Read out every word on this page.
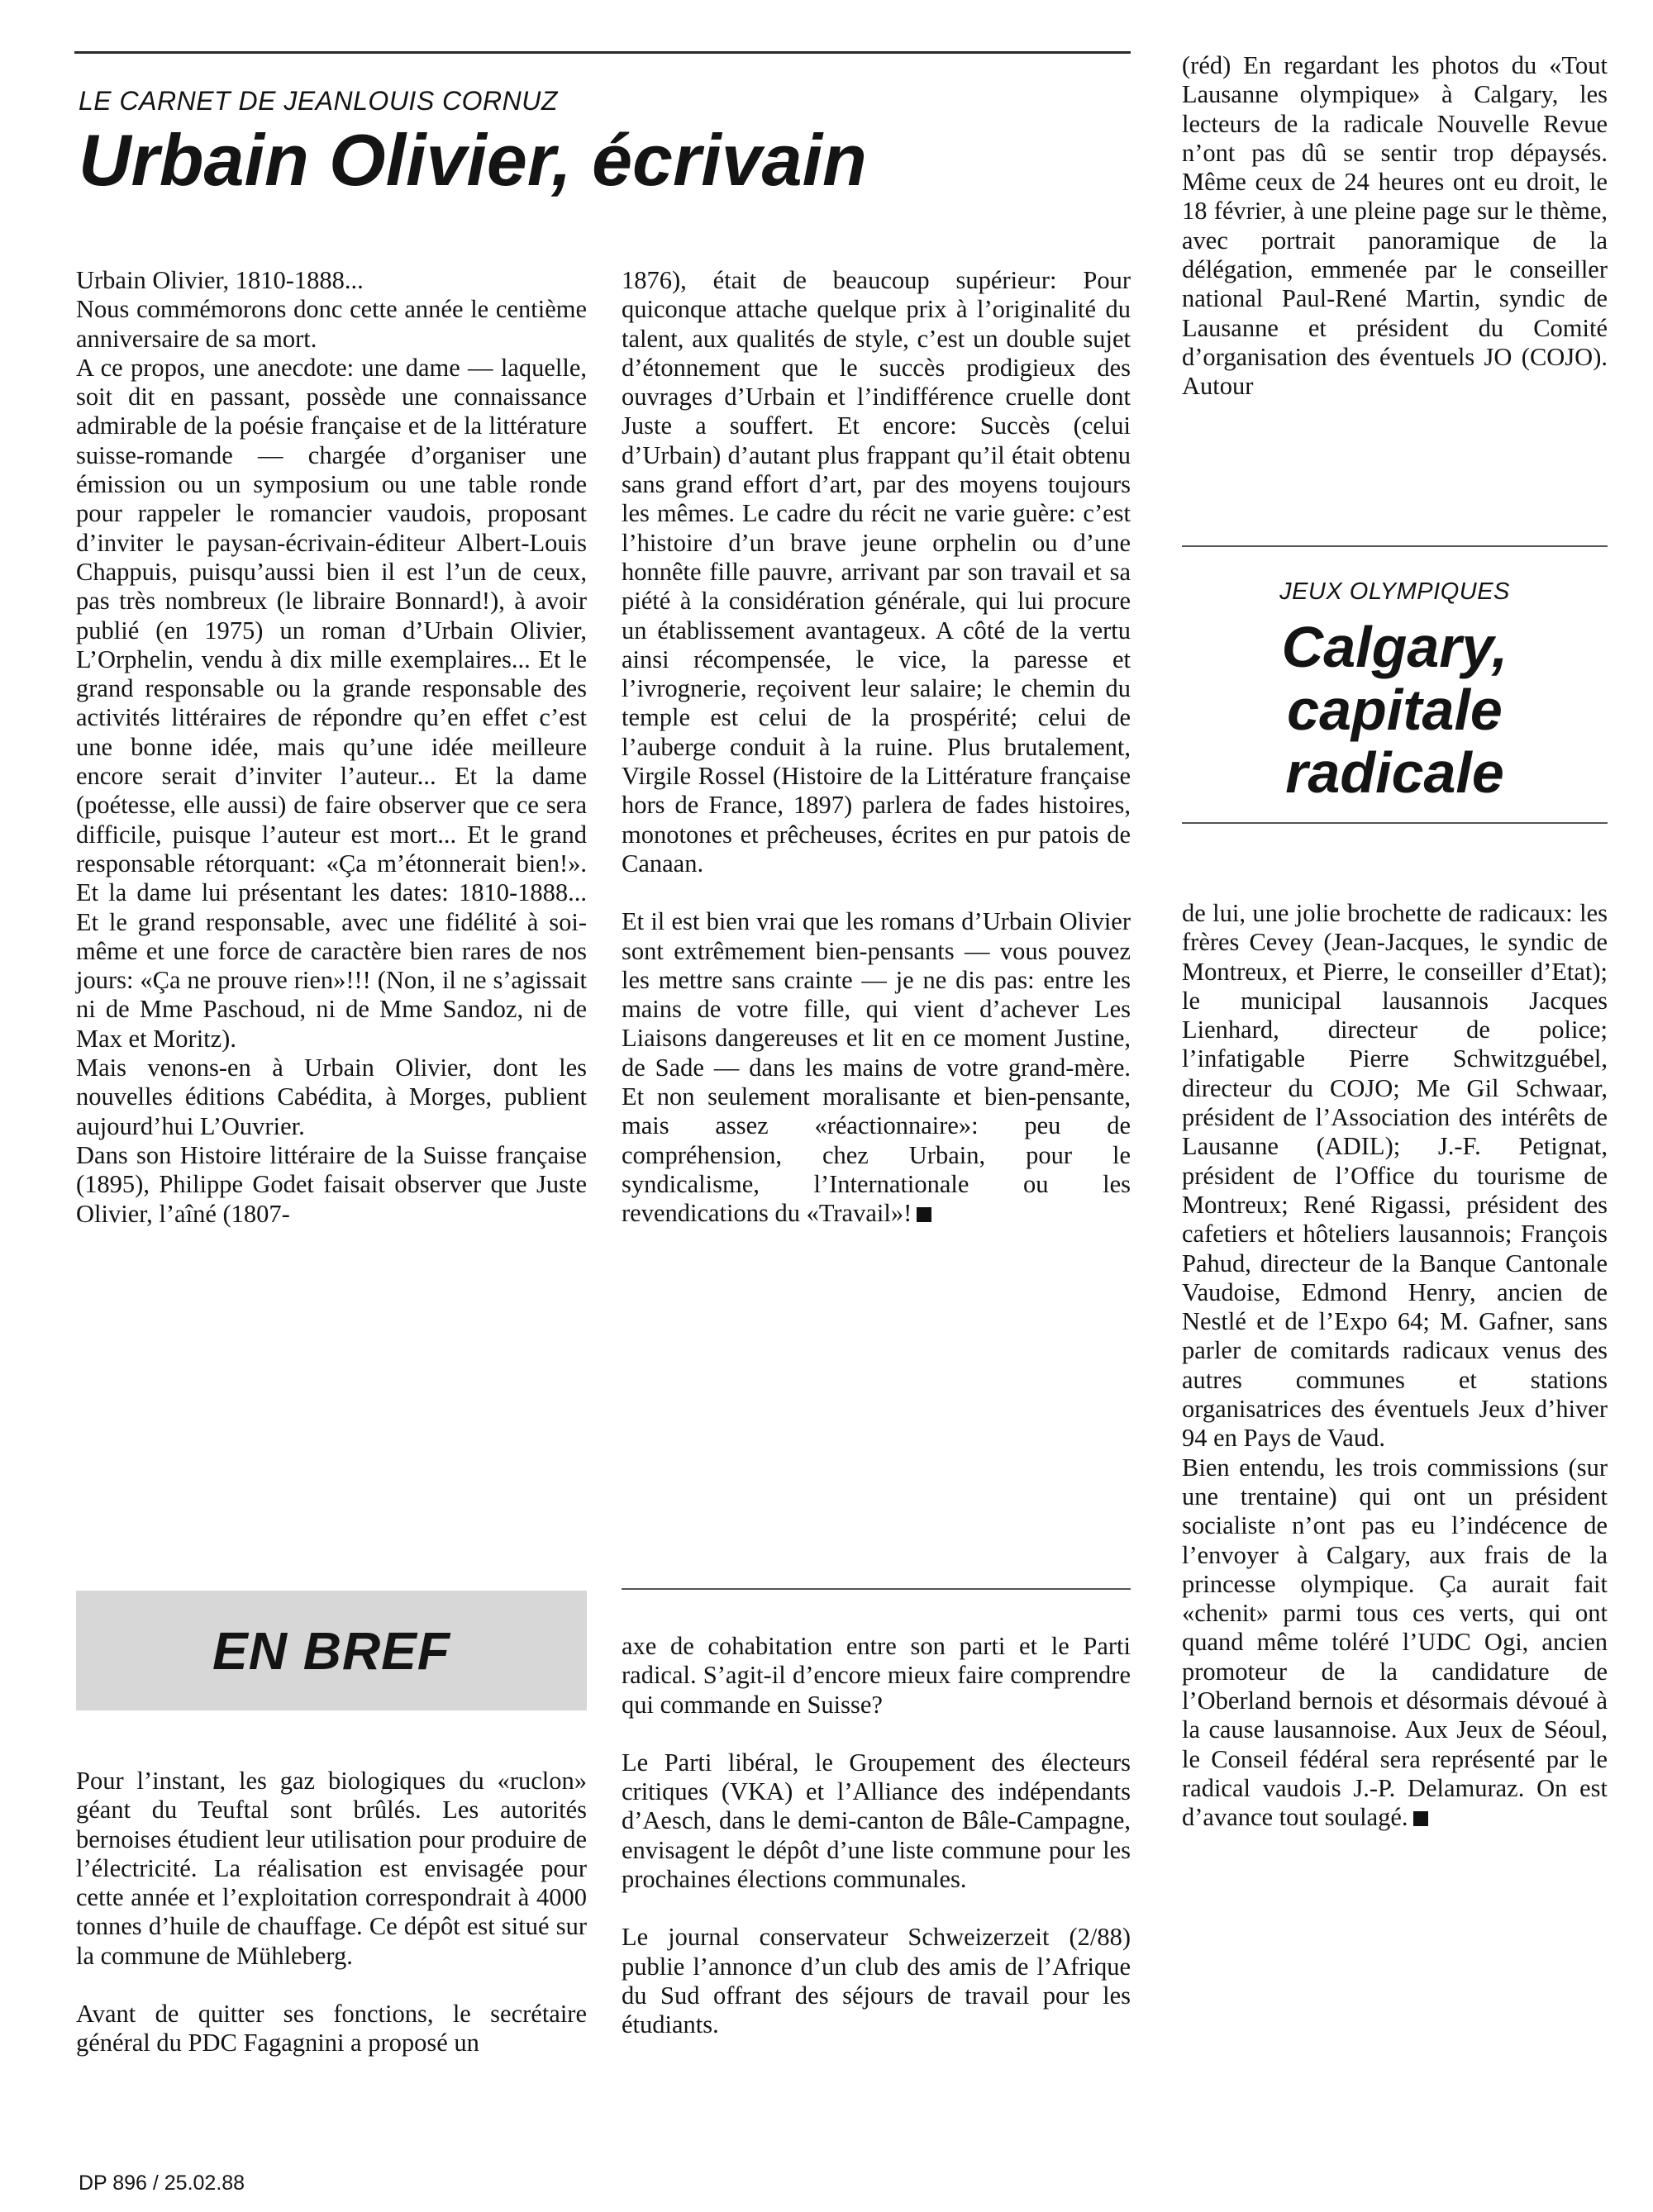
LE CARNET DE JEANLOUIS CORNUZ
Urbain Olivier, écrivain

Urbain Olivier, 1810-1888...

Nous commémorons donc cette année le centième anniversaire de sa mort.

A ce propos, une anecdote: une dame — laquelle, soit dit en passant, possède une connaissance admirable de la poésie française et de la littérature suisse-romande — chargée d’organiser une émission ou un symposium ou une table ronde pour rappeler le romancier vaudois, proposant d’inviter le paysan-écrivain-éditeur Albert-Louis Chappuis, puisqu’aussi bien il est l’un de ceux, pas très nombreux (le libraire Bonnard!), à avoir publié (en 1975) un roman d’Urbain Olivier, L’Orphelin, vendu à dix mille exemplaires... Et le grand responsable ou la grande responsable des activités littéraires de répondre qu’en effet c’est une bonne idée, mais qu’une idée meilleure encore serait d’inviter l’auteur... Et la dame (poétesse, elle aussi) de faire observer que ce sera difficile, puisque l’auteur est mort... Et le grand responsable rétorquant: «Ça m’étonnerait bien!». Et la dame lui présentant les dates: 1810-1888... Et le grand responsable, avec une fidélité à soi-même et une force de caractère bien rares de nos jours: «Ça ne prouve rien»!!! (Non, il ne s’agissait ni de Mme Paschoud, ni de Mme Sandoz, ni de Max et Moritz).

Mais venons-en à Urbain Olivier, dont les nouvelles éditions Cabédita, à Morges, publient aujourd’hui L’Ouvrier.

Dans son Histoire littéraire de la Suisse française (1895), Philippe Godet faisait observer que Juste Olivier, l’aîné (1807-

1876), était de beaucoup supérieur: Pour quiconque attache quelque prix à l’originalité du talent, aux qualités de style, c’est un double sujet d’étonnement que le succès prodigieux des ouvrages d’Urbain et l’indifférence cruelle dont Juste a souffert. Et encore: Succès (celui d’Urbain) d’autant plus frappant qu’il était obtenu sans grand effort d’art, par des moyens toujours les mêmes. Le cadre du récit ne varie guère: c’est l’histoire d’un brave jeune orphelin ou d’une honnête fille pauvre, arrivant par son travail et sa piété à la considération générale, qui lui procure un établissement avantageux. A côté de la vertu ainsi récompensée, le vice, la paresse et l’ivrognerie, reçoivent leur salaire; le chemin du temple est celui de la prospérité; celui de l’auberge conduit à la ruine. Plus brutalement, Virgile Rossel (Histoire de la Littérature française hors de France, 1897) parlera de fades histoires, monotones et prêcheuses, écrites en pur patois de Canaan.

Et il est bien vrai que les romans d’Urbain Olivier sont extrêmement bien-pensants — vous pouvez les mettre sans crainte — je ne dis pas: entre les mains de votre fille, qui vient d’achever Les Liaisons dangereuses et lit en ce moment Justine, de Sade — dans les mains de votre grand-mère. Et non seulement moralisante et bien-pensante, mais assez «réactionnaire»: peu de compréhension, chez Urbain, pour le syndicalisme, l’Internationale ou les revendications du «Travail»!

(réd) En regardant les photos du «Tout Lausanne olympique» à Calgary, les lecteurs de la radicale Nouvelle Revue n’ont pas dû se sentir trop dépaysés. Même ceux de 24 heures ont eu droit, le 18 février, à une pleine page sur le thème, avec portrait panoramique de la délégation, emmenée par le conseiller national Paul-René Martin, syndic de Lausanne et président du Comité d’organisation des éventuels JO (COJO). Autour

JEUX OLYMPIQUES
Calgary,
capitale
radicale

de lui, une jolie brochette de radicaux: les frères Cevey (Jean-Jacques, le syndic de Montreux, et Pierre, le conseiller d’Etat); le municipal lausannois Jacques Lienhard, directeur de police; l’infatigable Pierre Schwitzguébel, directeur du COJO; Me Gil Schwaar, président de l’Association des intérêts de Lausanne (ADIL); J.-F. Petignat, président de l’Office du tourisme de Montreux; René Rigassi, président des cafetiers et hôteliers lausannois; François Pahud, directeur de la Banque Cantonale Vaudoise, Edmond Henry, ancien de Nestlé et de l’Expo 64; M. Gafner, sans parler de comitards radicaux venus des autres communes et stations organisatrices des éventuels Jeux d’hiver 94 en Pays de Vaud.

Bien entendu, les trois commissions (sur une trentaine) qui ont un président socialiste n’ont pas eu l’indécence de l’envoyer à Calgary, aux frais de la princesse olympique. Ça aurait fait «chenit» parmi tous ces verts, qui ont quand même toléré l’UDC Ogi, ancien promoteur de la candidature de l’Oberland bernois et désormais dévoué à la cause lausannoise. Aux Jeux de Séoul, le Conseil fédéral sera représenté par le radical vaudois J.-P. Delamuraz. On est d’avance tout soulagé.

EN BREF

Pour l’instant, les gaz biologiques du «ruclon» géant du Teuftal sont brûlés. Les autorités bernoises étudient leur utilisation pour produire de l’électricité. La réalisation est envisagée pour cette année et l’exploitation correspondrait à 4000 tonnes d’huile de chauffage. Ce dépôt est situé sur la commune de Mühleberg.

Avant de quitter ses fonctions, le secrétaire général du PDC Fagagnini a proposé un

axe de cohabitation entre son parti et le Parti radical. S’agit-il d’encore mieux faire comprendre qui commande en Suisse?

Le Parti libéral, le Groupement des électeurs critiques (VKA) et l’Alliance des indépendants d’Aesch, dans le demi-canton de Bâle-Campagne, envisagent le dépôt d’une liste commune pour les prochaines élections communales.

Le journal conservateur Schweizerzeit (2/88) publie l’annonce d’un club des amis de l’Afrique du Sud offrant des séjours de travail pour les étudiants.

DP 896 / 25.02.88
